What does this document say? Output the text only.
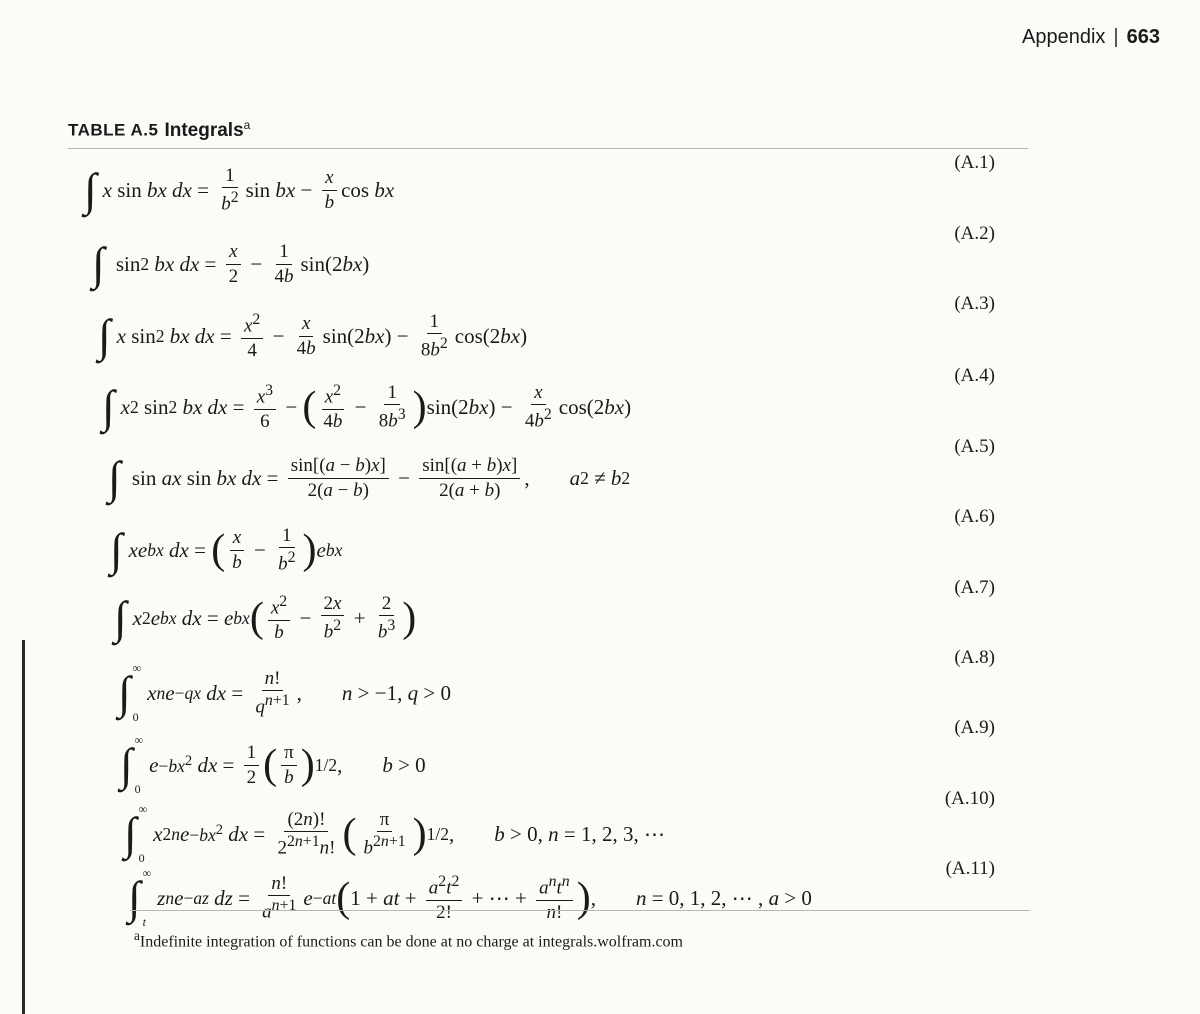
Appendix | 663
TABLE A.5 Integrals$^a$
(A.1)
∫ x sin bx dx = $\frac{1}{b^2}$ sin bx − $\frac{x}{b}$ cos bx
(A.2)
∫ sin 2
bx dx = $\frac{x}{2} - \frac{1}{4b} \sin(2$ bx )
(A.3)
∫ x sin 2
bx dx = $\frac{x^2}{4} - \frac{x}{4b} \sin(2$ bx ) − $\frac{1}{8b^2} \cos(2$ bx )
(A.4)
∫ x 2 sin 2
bx dx = $\frac{x^3}{6}$ − ( $\frac{x^2}{4b} - \frac{1}{8b^3}$ ) sin(2 bx ) − $\frac{x}{4b^2} \cos(2$ bx )
(A.5)
∫ sin ax sin bx dx = $\frac{\sin[(a - b)x]}{2(a - b)} - \frac{\sin[(a + b)x]}{2(a + b)}$ , a 2 ≠ b 2
(A.6)
∫ xe bx
dx = ( $\frac{x}{b} - \frac{1}{b^2}$ ) e bx
(A.7)
∫ x 2 e bx
dx = e bx ( $\frac{x^2}{b} - \frac{2x}{b^2} + \frac{2}{b^3}$ )
(A.8)
∫ ∞
0
x n e −qx
dx = $\frac{n!}{q^{n+1}}$ , n > −1, q > 0
(A.9)
∫ ∞
0
$e -bx^2$
dx = $\frac{1}{2}$ ( $\frac{\pi}{b}$ ) 1/2 , b > 0
(A.10)
∫ ∞
0
x 2n $e -bx^2$
dx = $\frac{(2n)!}{2^{2n+1}n!}$ ( $\frac{\pi}{b^{2n+1}}$ ) 1/2 , b > 0, n = 1, 2, 3, ⋯
(A.11)
∫ ∞
t
z n e −az
dz = $\frac{n!}{a^{n+1}}$ e −at ( 1 + at + $\frac{a^2t^2}{2!}$ + ⋯ + $\frac{a^nt^n}{n!}$ ) , n = 0, 1, 2, ⋯ , a > 0
$^a$Indefinite integration of functions can be done at no charge at integrals.wolfram.com
